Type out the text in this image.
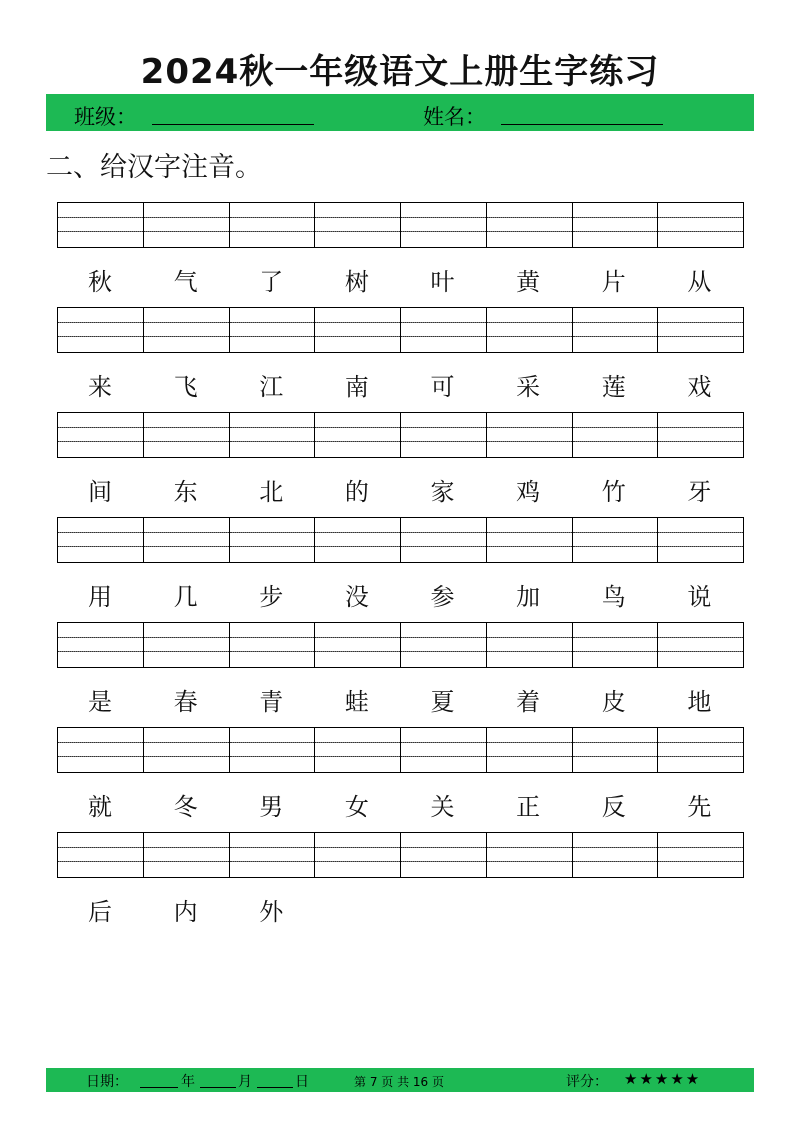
2024秋一年级语文上册生字练习
班级：	姓名：
二、给汉字注音。
秋	气	了	树	叶	黄	片	从
来	飞	江	南	可	采	莲	戏
间	东	北	的	家	鸡	竹	牙
用	几	步	没	参	加	鸟	说
是	春	青	蛙	夏	着	皮	地
就	冬	男	女	关	正	反	先
后	内	外
日期：	年	月	日	第 7 页 共 16 页	评分： ★★★★★
